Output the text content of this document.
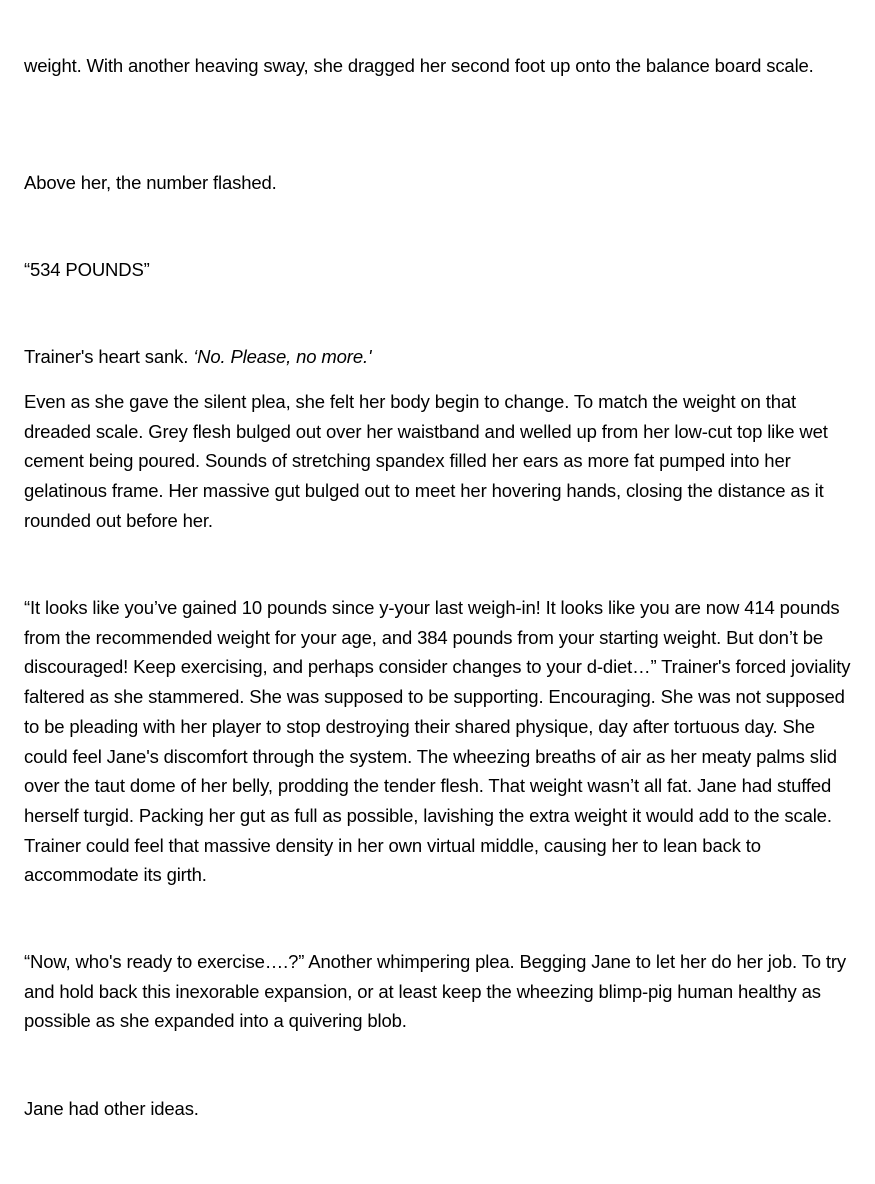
weight. With another heaving sway, she dragged her second foot up onto the balance board scale.

Above her, the number flashed.

“534 POUNDS”

Trainer's heart sank. ‘No. Please, no more.'

Even as she gave the silent plea, she felt her body begin to change. To match the weight on that dreaded scale. Grey flesh bulged out over her waistband and welled up from her low-cut top like wet cement being poured. Sounds of stretching spandex filled her ears as more fat pumped into her gelatinous frame. Her massive gut bulged out to meet her hovering hands, closing the distance as it rounded out before her.

“It looks like you’ve gained 10 pounds since y-your last weigh-in! It looks like you are now 414 pounds from the recommended weight for your age, and 384 pounds from your starting weight. But don’t be discouraged! Keep exercising, and perhaps consider changes to your d-diet…” Trainer's forced joviality faltered as she stammered. She was supposed to be supporting. Encouraging. She was not supposed to be pleading with her player to stop destroying their shared physique, day after tortuous day. She could feel Jane's discomfort through the system. The wheezing breaths of air as her meaty palms slid over the taut dome of her belly, prodding the tender flesh. That weight wasn’t all fat. Jane had stuffed herself turgid. Packing her gut as full as possible, lavishing the extra weight it would add to the scale. Trainer could feel that massive density in her own virtual middle, causing her to lean back to accommodate its girth.

“Now, who's ready to exercise….?” Another whimpering plea. Begging Jane to let her do her job. To try and hold back this inexorable expansion, or at least keep the wheezing blimp-pig human healthy as possible as she expanded into a quivering blob.

Jane had other ideas.
